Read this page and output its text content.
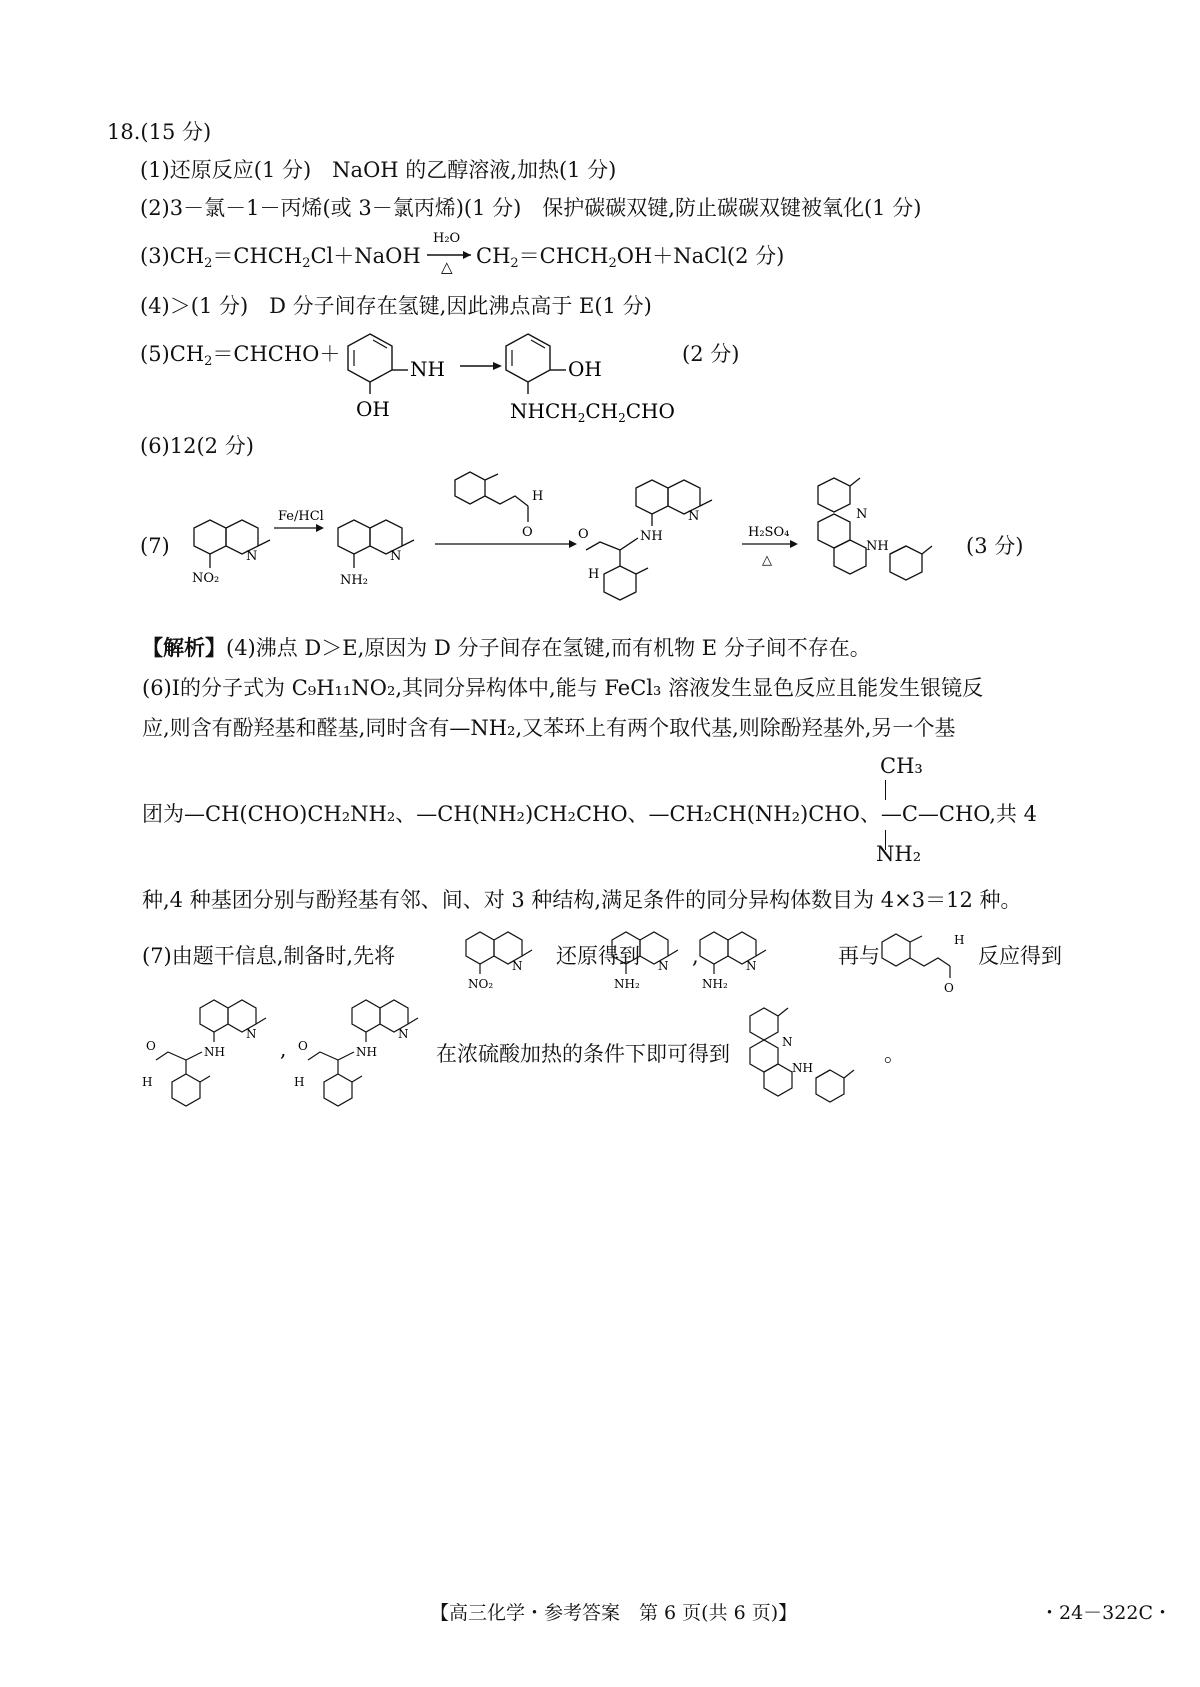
18.(15 分)
(1)还原反应(1 分)　NaOH 的乙醇溶液,加热(1 分)
(2)3－氯－1－丙烯(或 3－氯丙烯)(1 分)　保护碳碳双键,防止碳碳双键被氧化(1 分)
$(3)CH_2=CHCH_2Cl+NaOH$
H₂O
△ $CH_2=CHCH_2OH+NaCl(2$ 分)
(4)＞(1 分)　D 分子间存在氢键,因此沸点高于 E(1 分)
$(5)CH_2=CHCHO+$
NH
OH
OH
$NHCH_2CH_2CHO$
(2 分)
(6)12(2 分)
(7)	N
NO₂
Fe/HCl
N
NH₂
H
O
N
NH
O
H
H₂SO₄
△
N
NH	(3 分)
【解析】(4)沸点 D＞E,原因为 D 分子间存在氢键,而有机物 E 分子间不存在。
(6)I的分子式为 C₉H₁₁NO₂,其同分异构体中,能与 FeCl₃ 溶液发生显色反应且能发生银镜反
应,则含有酚羟基和醛基,同时含有—NH₂,又苯环上有两个取代基,则除酚羟基外,另一个基
CH₃
团为—CH(CHO)CH₂NH₂、—CH(NH₂)CH₂CHO、—CH₂CH(NH₂)CHO、—C—CHO,共 4
NH₂
种,4 种基团分别与酚羟基有邻、间、对 3 种结构,满足条件的同分异构体数目为 4×3＝12 种。
(7)由题干信息,制备时,先将	还原得到 ,	再与	反应得到
N
NO₂
N
NH₂
N
NH₂
H
O
N
NH
O
H
,
N
NH
O
H
在浓硫酸加热的条件下即可得到	N
NH
。
【高三化学・参考答案　第 6 页(共 6 页)】	・24－322C・
